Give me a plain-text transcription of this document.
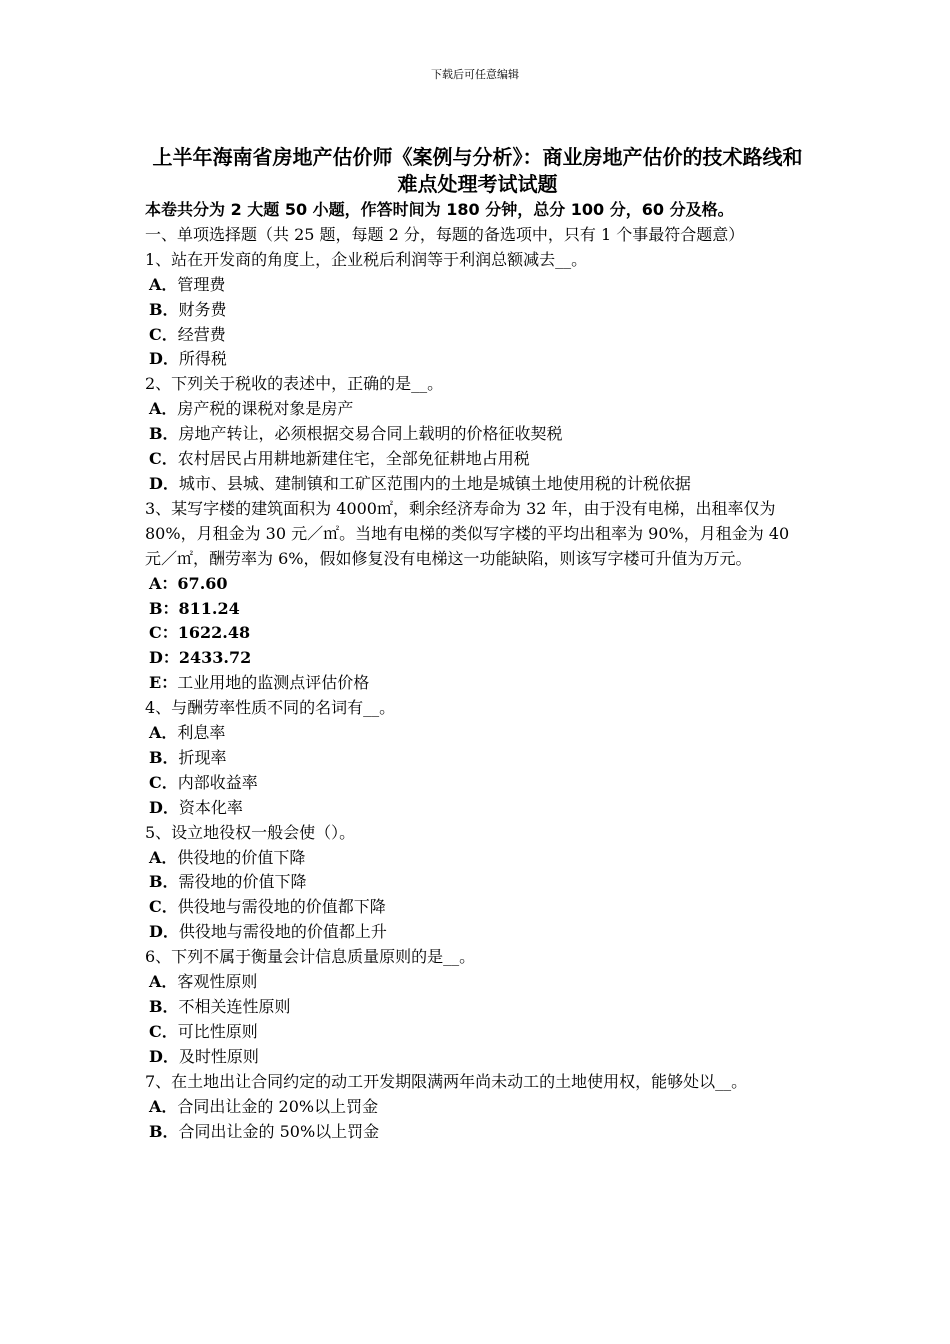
下载后可任意编辑
上半年海南省房地产估价师《案例与分析》：商业房地产估价的技术路线和难点处理考试试题
本卷共分为 2 大题 50 小题，作答时间为 180 分钟，总分 100 分，60 分及格。
一、单项选择题（共 25 题，每题 2 分，每题的备选项中，只有 1 个事最符合题意）
1、站在开发商的角度上，企业税后利润等于利润总额减去__。
A．管理费
B．财务费
C．经营费
D．所得税
2、下列关于税收的表述中，正确的是__。
A．房产税的课税对象是房产
B．房地产转让，必须根据交易合同上载明的价格征收契税
C．农村居民占用耕地新建住宅，全部免征耕地占用税
D．城市、县城、建制镇和工矿区范围内的土地是城镇土地使用税的计税依据
3、某写字楼的建筑面积为 4000㎡，剩余经济寿命为 32 年，由于没有电梯，出租率仅为 80%，月租金为 30 元／㎡。当地有电梯的类似写字楼的平均出租率为 90%，月租金为 40 元／㎡，酬劳率为 6%，假如修复没有电梯这一功能缺陷，则该写字楼可升值为万元。
A：67.60
B：811.24
C：1622.48
D：2433.72
E：工业用地的监测点评估价格
4、与酬劳率性质不同的名词有__。
A．利息率
B．折现率
C．内部收益率
D．资本化率
5、设立地役权一般会使（）。
A．供役地的价值下降
B．需役地的价值下降
C．供役地与需役地的价值都下降
D．供役地与需役地的价值都上升
6、下列不属于衡量会计信息质量原则的是__。
A．客观性原则
B．不相关连性原则
C．可比性原则
D．及时性原则
7、在土地出让合同约定的动工开发期限满两年尚未动工的土地使用权，能够处以__。
A．合同出让金的 20%以上罚金
B．合同出让金的 50%以上罚金
